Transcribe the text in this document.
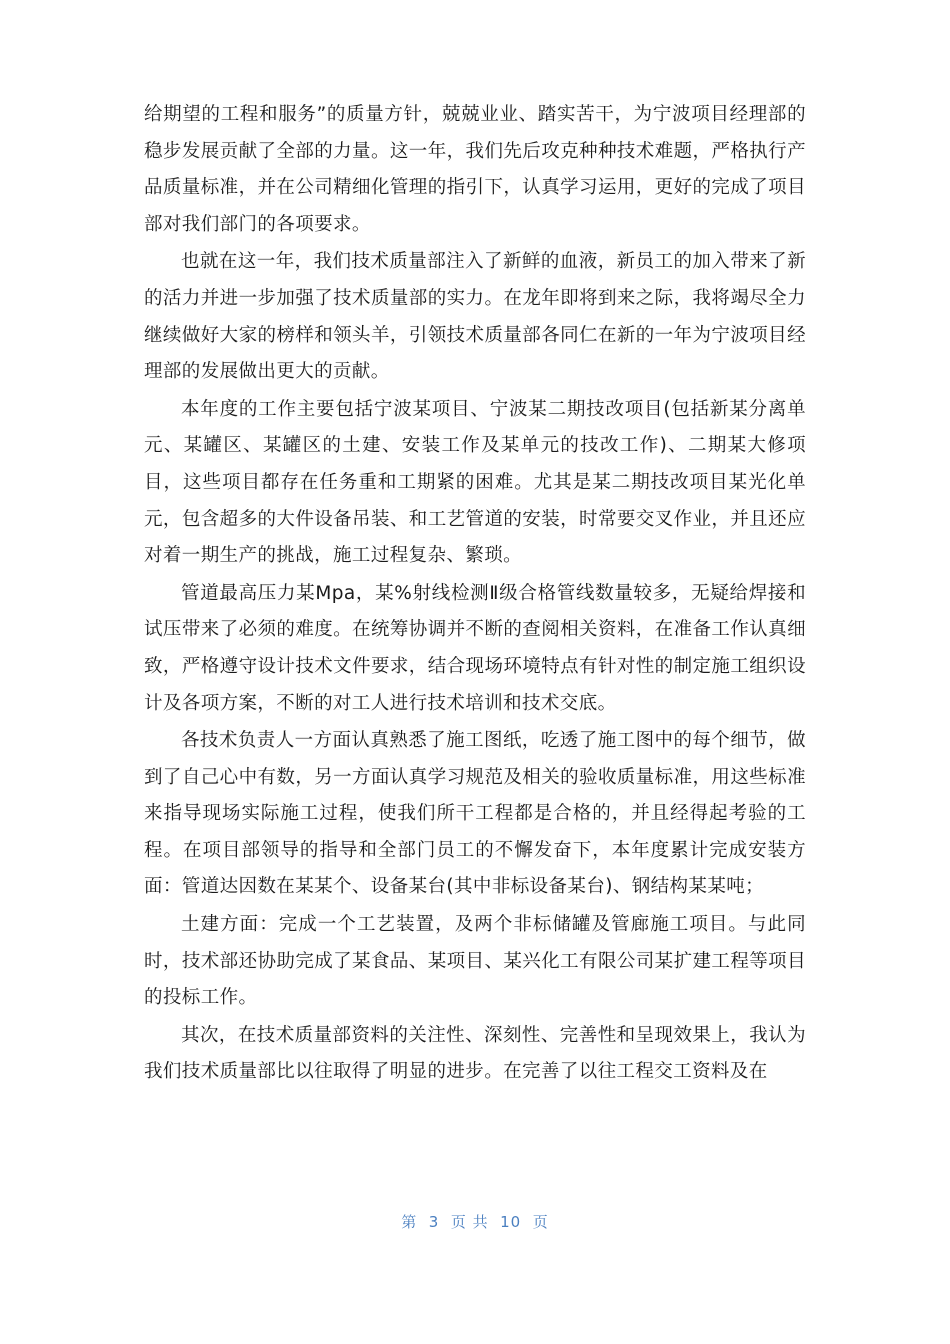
给期望的工程和服务”的质量方针，兢兢业业、踏实苦干，为宁波项目经理部的稳步发展贡献了全部的力量。这一年，我们先后攻克种种技术难题，严格执行产品质量标准，并在公司精细化管理的指引下，认真学习运用，更好的完成了项目部对我们部门的各项要求。

也就在这一年，我们技术质量部注入了新鲜的血液，新员工的加入带来了新的活力并进一步加强了技术质量部的实力。在龙年即将到来之际，我将竭尽全力继续做好大家的榜样和领头羊，引领技术质量部各同仁在新的一年为宁波项目经理部的发展做出更大的贡献。

本年度的工作主要包括宁波某项目、宁波某二期技改项目(包括新某分离单元、某罐区、某罐区的土建、安装工作及某单元的技改工作)、二期某大修项目，这些项目都存在任务重和工期紧的困难。尤其是某二期技改项目某光化单元，包含超多的大件设备吊装、和工艺管道的安装，时常要交叉作业，并且还应对着一期生产的挑战，施工过程复杂、繁琐。

管道最高压力某Mpa，某%射线检测Ⅱ级合格管线数量较多，无疑给焊接和试压带来了必须的难度。在统筹协调并不断的查阅相关资料，在准备工作认真细致，严格遵守设计技术文件要求，结合现场环境特点有针对性的制定施工组织设计及各项方案，不断的对工人进行技术培训和技术交底。

各技术负责人一方面认真熟悉了施工图纸，吃透了施工图中的每个细节，做到了自己心中有数，另一方面认真学习规范及相关的验收质量标准，用这些标准来指导现场实际施工过程，使我们所干工程都是合格的，并且经得起考验的工程。在项目部领导的指导和全部门员工的不懈发奋下，本年度累计完成安装方面：管道达因数在某某个、设备某台(其中非标设备某台)、钢结构某某吨；

土建方面：完成一个工艺装置，及两个非标储罐及管廊施工项目。与此同时，技术部还协助完成了某食品、某项目、某兴化工有限公司某扩建工程等项目的投标工作。

其次，在技术质量部资料的关注性、深刻性、完善性和呈现效果上，我认为我们技术质量部比以往取得了明显的进步。在完善了以往工程交工资料及在

第  3  页 共  10  页
